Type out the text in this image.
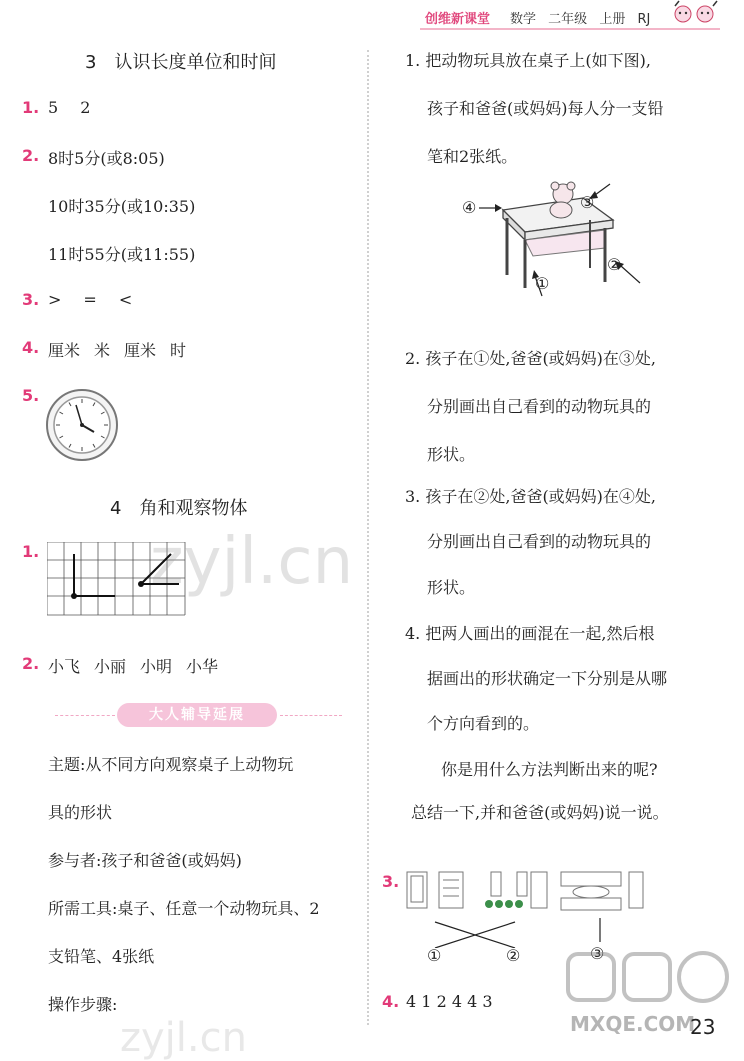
创维新课堂 数学 二年级 上册 RJ
3　认识长度单位和时间
1. 5 2
2. 8时5分(或8:05)
10时35分(或10:35)
11时55分(或11:55)
3. > = <
4. 厘米 米 厘米 时
5.
4　角和观察物体
1.
2. 小飞 小丽 小明 小华
大人辅导延展
主题:从不同方向观察桌子上动物玩
具的形状
参与者:孩子和爸爸(或妈妈)
所需工具:桌子、任意一个动物玩具、2
支铅笔、4张纸
操作步骤:
1. 把动物玩具放在桌子上(如下图),
孩子和爸爸(或妈妈)每人分一支铅
笔和2张纸。
④	③
②
①
2. 孩子在①处,爸爸(或妈妈)在③处,
分别画出自己看到的动物玩具的
形状。
3. 孩子在②处,爸爸(或妈妈)在④处,
分别画出自己看到的动物玩具的
形状。
4. 把两人画出的画混在一起,然后根
据画出的形状确定一下分别是从哪
个方向看到的。
你是用什么方法判断出来的呢?
总结一下,并和爸爸(或妈妈)说一说。
3.
①	②	③
4. 4 1 2 4 4 3
zyjl.cn
zyjl.cn	MXQE.COM
23
